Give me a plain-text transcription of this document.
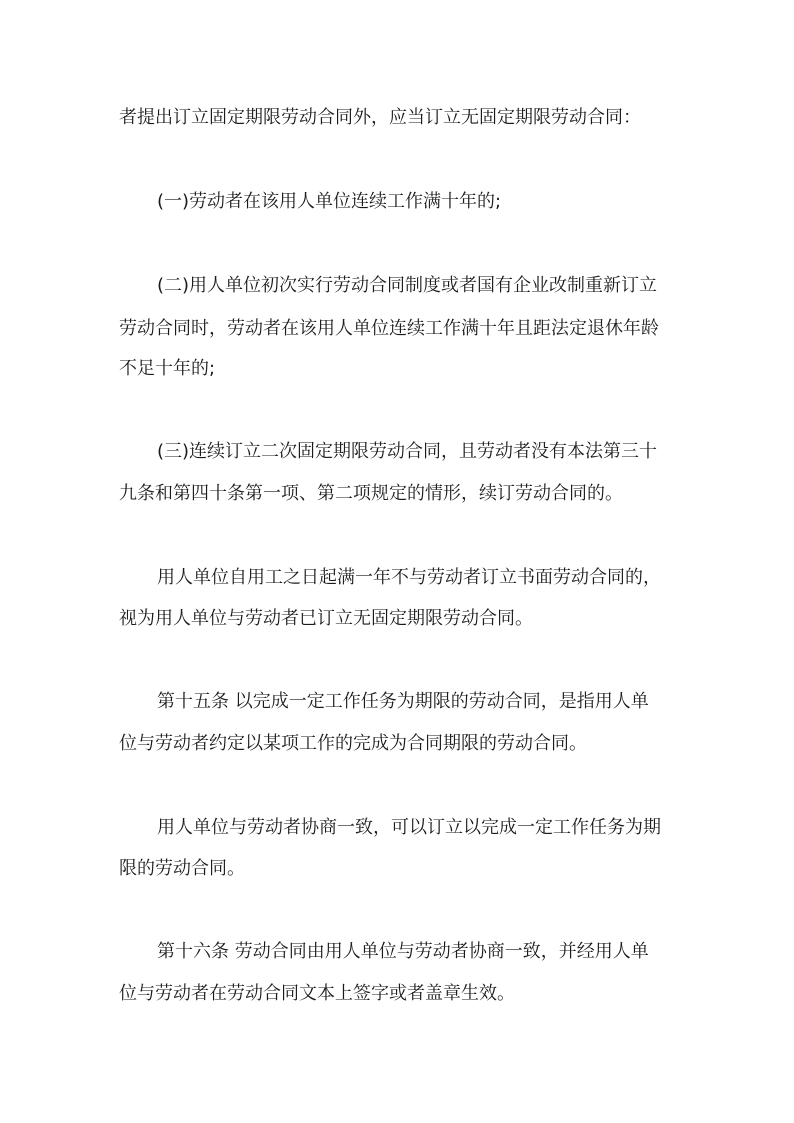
者提出订立固定期限劳动合同外，应当订立无固定期限劳动合同：
(一)劳动者在该用人单位连续工作满十年的;
(二)用人单位初次实行劳动合同制度或者国有企业改制重新订立
劳动合同时，劳动者在该用人单位连续工作满十年且距法定退休年龄
不足十年的;
(三)连续订立二次固定期限劳动合同，且劳动者没有本法第三十
九条和第四十条第一项、第二项规定的情形，续订劳动合同的。
用人单位自用工之日起满一年不与劳动者订立书面劳动合同的，
视为用人单位与劳动者已订立无固定期限劳动合同。
第十五条 以完成一定工作任务为期限的劳动合同，是指用人单
位与劳动者约定以某项工作的完成为合同期限的劳动合同。
用人单位与劳动者协商一致，可以订立以完成一定工作任务为期
限的劳动合同。
第十六条 劳动合同由用人单位与劳动者协商一致，并经用人单
位与劳动者在劳动合同文本上签字或者盖章生效。
